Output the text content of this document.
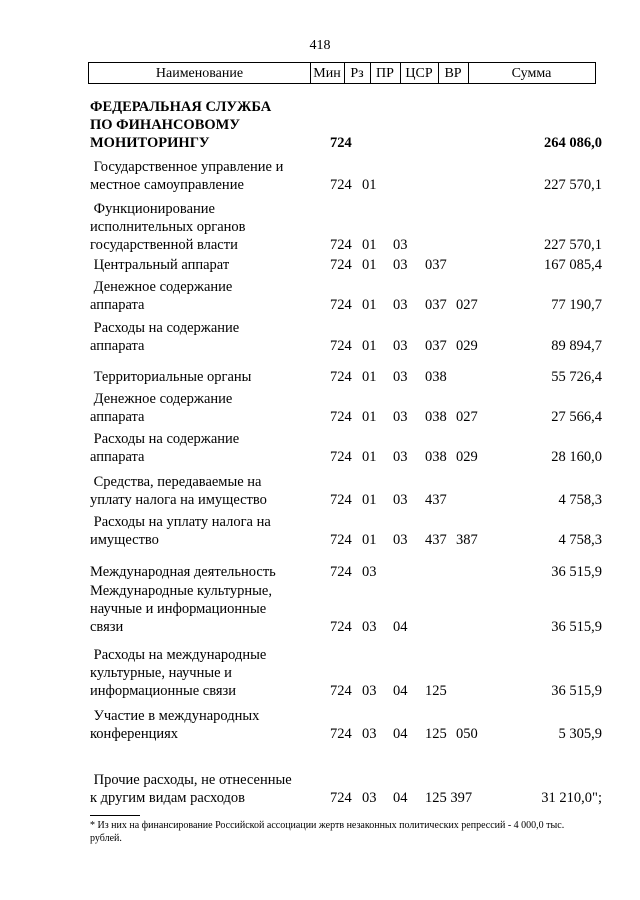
418
Наименование	Мин Рз ПР ЦСР ВР	Сумма
ФЕДЕРАЛЬНАЯ СЛУЖБА
ПО ФИНАНСОВОМУ
МОНИТОРИНГУ	724	264 086,0
Государственное управление и
местное самоуправление	724 01	227 570,1
Функционирование
исполнительных органов
государственной власти	724 01 03	227 570,1
Центральный аппарат	724 01 03 037	167 085,4
Денежное содержание
аппарата	724 01 03 037 027	77 190,7
Расходы на содержание
аппарата	724 01 03 037 029	89 894,7
Территориальные органы	724 01 03 038	55 726,4
Денежное содержание
аппарата	724 01 03 038 027	27 566,4
Расходы на содержание
аппарата	724 01 03 038 029	28 160,0
Средства, передаваемые на
уплату налога на имущество	724 01 03 437	4 758,3
Расходы на уплату налога на
имущество	724 01 03 437 387	4 758,3
Международная деятельность	724 03	36 515,9
Международные культурные,
научные и информационные
связи	724 03 04	36 515,9
Расходы на международные
культурные, научные и
информационные связи	724 03 04 125	36 515,9
Участие в международных
конференциях	724 03 04 125 050	5 305,9
Прочие расходы, не отнесенные
к другим видам расходов	724 03 04 125 397	31 210,0";
* Из них на финансирование Российской ассоциации жертв незаконных политических репрессий - 4 000,0 тыс. рублей.
